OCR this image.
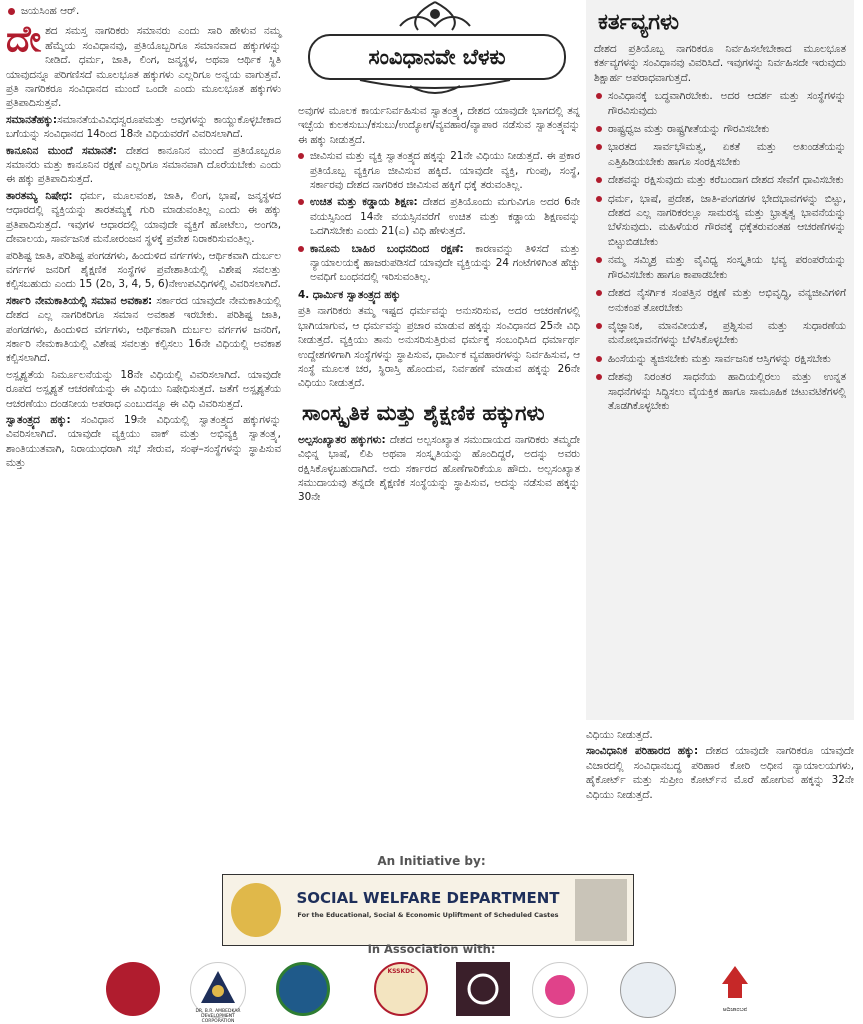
ಜಯಸಿಂಹ ಆರ್.

ದೇಶದ ಸಮಸ್ತ ನಾಗರಿಕರು ಸಮಾನರು ಎಂದು ಸಾರಿ ಹೇಳುವ ನಮ್ಮ ಹೆಮ್ಮೆಯ ಸಂವಿಧಾನವು, ಪ್ರತಿಯೊಬ್ಬರಿಗೂ ಸಮಾನವಾದ ಹಕ್ಕುಗಳನ್ನು ನೀಡಿದೆ. ಧರ್ಮ, ಜಾತಿ, ಲಿಂಗ, ಜನ್ಮಸ್ಥಳ, ಅಥವಾ ಆರ್ಥಿಕ ಸ್ಥಿತಿ ಯಾವುದನ್ನೂ ಪರಿಗಣಿಸದೆ ಮೂಲಭೂತ ಹಕ್ಕುಗಳು ಎಲ್ಲರಿಗೂ ಅನ್ವಯ ವಾಗುತ್ತವೆ. ಪ್ರತಿ ನಾಗರಿಕರೂ ಸಂವಿಧಾನದ ಮುಂದೆ ಒಂದೇ ಎಂದು ಮೂಲಭೂತ ಹಕ್ಕುಗಳು ಪ್ರತಿಪಾದಿಸುತ್ತವೆ.

ಸಮಾನತೆಹಕ್ಕು:ಸಮಾನತೆಯವಿವಿಧಸ್ವರೂಪಮತ್ತು ಅವುಗಳನ್ನು ಕಾಯ್ದುಕೊಳ್ಳಬೇಕಾದ ಬಗೆಯನ್ನು ಸಂವಿಧಾನದ 14ರಿಂದ 18ನೇ ವಿಧಿಯವರೆಗೆ ವಿವರಿಸಲಾಗಿದೆ.

ಕಾನೂನಿನ ಮುಂದೆ ಸಮಾನತೆ: ದೇಶದ ಕಾನೂನಿನ ಮುಂದೆ ಪ್ರತಿಯೊಬ್ಬರೂ ಸಮಾನರು ಮತ್ತು ಕಾನೂನಿನ ರಕ್ಷಣೆ ಎಲ್ಲರಿಗೂ ಸಮಾನವಾಗಿ ದೊರೆಯಬೇಕು ಎಂದು ಈ ಹಕ್ಕು ಪ್ರತಿಪಾದಿಸುತ್ತದೆ.

ತಾರತಮ್ಯ ನಿಷೇಧ: ಧರ್ಮ, ಮೂಲವಂಶ, ಜಾತಿ, ಲಿಂಗ, ಭಾಷೆ, ಜನ್ಮಸ್ಥಳದ ಆಧಾರದಲ್ಲಿ ವ್ಯಕ್ತಿಯನ್ನು ತಾರತಮ್ಯಕ್ಕೆ ಗುರಿ ಮಾಡುವಂತಿಲ್ಲ ಎಂದು ಈ ಹಕ್ಕು ಪ್ರತಿಪಾದಿಸುತ್ತದೆ. ಇವುಗಳ ಆಧಾರದಲ್ಲಿ ಯಾವುದೇ ವ್ಯಕ್ತಿಗೆ ಹೋಟೆಲು, ಅಂಗಡಿ, ದೇವಾಲಯ, ಸಾರ್ವಜನಿಕ ಮನೋರಂಜನ ಸ್ಥಳಕ್ಕೆ ಪ್ರವೇಶ ನಿರಾಕರಿಸುವಂತಿಲ್ಲ.

ಪರಿಶಿಷ್ಟ ಜಾತಿ, ಪರಿಶಿಷ್ಟ ಪಂಗಡಗಳು, ಹಿಂದುಳಿದ ವರ್ಗಗಳು, ಆರ್ಥಿಕವಾಗಿ ದುರ್ಬಲ ವರ್ಗಗಳ ಜನರಿಗೆ ಶೈಕ್ಷಣಿಕ ಸಂಸ್ಥೆಗಳ ಪ್ರವೇಶಾತಿಯಲ್ಲಿ ವಿಶೇಷ ಸವಲತ್ತು ಕಲ್ಪಿಸಬಹುದು ಎಂದು 15 (2ರಿ, 3, 4, 5, 6)ನೇಉಪವಿಧಿಗಳಲ್ಲಿ ವಿವರಿಸಲಾಗಿದೆ.

ಸರ್ಕಾರಿ ನೇಮಕಾತಿಯಲ್ಲಿ ಸಮಾನ ಅವಕಾಶ: ಸರ್ಕಾರದ ಯಾವುದೇ ನೇಮಕಾತಿಯಲ್ಲಿ ದೇಶದ ಎಲ್ಲ ನಾಗರಿಕರಿಗೂ ಸಮಾನ ಅವಕಾಶ ಇರಬೇಕು. ಪರಿಶಿಷ್ಟ ಜಾತಿ, ಪಂಗಡಗಳು, ಹಿಂದುಳಿದ ವರ್ಗಗಳು, ಆರ್ಥಿಕವಾಗಿ ದುರ್ಬಲ ವರ್ಗಗಳ ಜನರಿಗೆ, ಸರ್ಕಾರಿ ನೇಮಕಾತಿಯಲ್ಲಿ ವಿಶೇಷ ಸವಲತ್ತು ಕಲ್ಪಿಸಲು 16ನೇ ವಿಧಿಯಲ್ಲಿ ಅವಕಾಶ ಕಲ್ಪಿಸಲಾಗಿದೆ.

ಅಸ್ಪೃಶ್ಯತೆಯ ನಿರ್ಮೂಲನೆಯನ್ನು 18ನೇ ವಿಧಿಯಲ್ಲಿ ವಿವರಿಸಲಾಗಿದೆ. ಯಾವುದೇ ರೂಪದ ಅಸ್ಪೃಶ್ಯತೆ ಆಚರಣೆಯನ್ನು ಈ ವಿಧಿಯು ನಿಷೇಧಿಸುತ್ತದೆ. ಜತೆಗೆ ಅಸ್ಪೃಶ್ಯತೆಯ ಆಚರಣೆಯು ದಂಡನೀಯ ಅಪರಾಧ ಎಂಬುದನ್ನೂ ಈ ವಿಧಿ ವಿವರಿಸುತ್ತದೆ.

ಸ್ವಾತಂತ್ರ್ಯದ ಹಕ್ಕು: ಸಂವಿಧಾನ 19ನೇ ವಿಧಿಯಲ್ಲಿ ಸ್ವಾತಂತ್ರ್ಯದ ಹಕ್ಕುಗಳನ್ನು ವಿವರಿಸಲಾಗಿದೆ. ಯಾವುದೇ ವ್ಯಕ್ತಿಯು ವಾಕ್ ಮತ್ತು ಅಭಿವ್ಯಕ್ತಿ ಸ್ವಾತಂತ್ರ್ಯ, ಶಾಂತಿಯುತವಾಗಿ, ನಿರಾಯುಧರಾಗಿ ಸಭೆ ಸೇರುವ, ಸಂಘ–ಸಂಸ್ಥೆಗಳನ್ನು ಸ್ಥಾಪಿಸುವ ಮತ್ತು

ಸಂವಿಧಾನವೇ ಬೆಳಕು

ಅವುಗಳ ಮೂಲಕ ಕಾರ್ಯನಿರ್ವಹಿಸುವ ಸ್ವಾತಂತ್ರ್ಯ, ದೇಶದ ಯಾವುದೇ ಭಾಗದಲ್ಲಿ ತನ್ನ ಇಚ್ಛೆಯ ಕುಲಕಸುಬು/ಕಸುಬು/ಉದ್ಯೋಗ/ವ್ಯವಹಾರ/ವ್ಯಾಪಾರ ನಡೆಸುವ ಸ್ವಾತಂತ್ರ್ಯವನ್ನು ಈ ಹಕ್ಕು ನೀಡುತ್ತದೆ.

ಜೀವಿಸುವ ಮತ್ತು ವ್ಯಕ್ತಿ ಸ್ವಾತಂತ್ರ್ಯದ ಹಕ್ಕನ್ನು 21ನೇ ವಿಧಿಯು ನೀಡುತ್ತದೆ. ಈ ಪ್ರಕಾರ ಪ್ರತಿಯೊಬ್ಬ ವ್ಯಕ್ತಿಗೂ ಜೀವಿಸುವ ಹಕ್ಕಿದೆ. ಯಾವುದೇ ವ್ಯಕ್ತಿ, ಗುಂಪು, ಸಂಸ್ಥೆ, ಸರ್ಕಾರವು ದೇಶದ ನಾಗರಿಕರ ಜೀವಿಸುವ ಹಕ್ಕಿಗೆ ಧಕ್ಕೆ ತರುವಂತಿಲ್ಲ.
ಉಚಿತ ಮತ್ತು ಕಡ್ಡಾಯ ಶಿಕ್ಷಣ: ದೇಶದ ಪ್ರತಿಯೊಂದು ಮಗುವಿಗೂ ಅದರ 6ನೇ ವಯಸ್ಸಿನಿಂದ 14ನೇ ವಯಸ್ಸಿನವರೆಗೆ ಉಚಿತ ಮತ್ತು ಕಡ್ಡಾಯ ಶಿಕ್ಷಣವನ್ನು ಒದಗಿಸಬೇಕು ಎಂದು 21(ಎ) ವಿಧಿ ಹೇಳುತ್ತದೆ.
ಕಾನೂನು ಬಾಹಿರ ಬಂಧನದಿಂದ ರಕ್ಷಣೆ: ಕಾರಣವನ್ನು ತಿಳಿಸದೆ ಮತ್ತು ನ್ಯಾಯಾಲಯಕ್ಕೆ ಹಾಜರುಪಡಿಸದೆ ಯಾವುದೇ ವ್ಯಕ್ತಿಯನ್ನು 24 ಗಂಟೆಗಳಿಗಿಂತ ಹೆಚ್ಚು ಅವಧಿಗೆ ಬಂಧನದಲ್ಲಿ ಇರಿಸುವಂತಿಲ್ಲ.

4. ಧಾರ್ಮಿಕ ಸ್ವಾತಂತ್ರ್ಯದ ಹಕ್ಕು

ಪ್ರತಿ ನಾಗರಿಕರು ತಮ್ಮ ಇಷ್ಟದ ಧರ್ಮವನ್ನು ಅನುಸರಿಸುವ, ಅದರ ಆಚರಣೆಗಳಲ್ಲಿ ಭಾಗಿಯಾಗುವ, ಆ ಧರ್ಮವನ್ನು ಪ್ರಚಾರ ಮಾಡುವ ಹಕ್ಕನ್ನು ಸಂವಿಧಾನದ 25ನೇ ವಿಧಿ ನೀಡುತ್ತದೆ. ವ್ಯಕ್ತಿಯು ತಾನು ಅನುಸರಿಸುತ್ತಿರುವ ಧರ್ಮಕ್ಕೆ ಸಂಬಂಧಿಸಿದ ಧರ್ಮಾರ್ಥ ಉದ್ದೇಶಗಳಿಗಾಗಿ ಸಂಸ್ಥೆಗಳನ್ನು ಸ್ಥಾಪಿಸುವ, ಧಾರ್ಮಿಕ ವ್ಯವಹಾರಗಳನ್ನು ನಿರ್ವಹಿಸುವ, ಆ ಸಂಸ್ಥೆ ಮೂಲಕ ಚರ, ಸ್ಥಿರಾಸ್ತಿ ಹೊಂದುವ, ನಿರ್ವಹಣೆ ಮಾಡುವ ಹಕ್ಕನ್ನು 26ನೇ ವಿಧಿಯು ನೀಡುತ್ತದೆ.

ಸಾಂಸ್ಕೃತಿಕ ಮತ್ತು ಶೈಕ್ಷಣಿಕ ಹಕ್ಕುಗಳು

ಅಲ್ಪಸಂಖ್ಯಾತರ ಹಕ್ಕುಗಳು: ದೇಶದ ಅಲ್ಪಸಂಖ್ಯಾತ ಸಮುದಾಯದ ನಾಗರಿಕರು ತಮ್ಮದೇ ವಿಭಿನ್ನ ಭಾಷೆ, ಲಿಪಿ ಅಥವಾ ಸಂಸ್ಕೃತಿಯನ್ನು ಹೊಂದಿದ್ದರೆ, ಅದನ್ನು ಅವರು ರಕ್ಷಿಸಿಕೊಳ್ಳಬಹುದಾಗಿದೆ. ಅದು ಸರ್ಕಾರದ ಹೊಣೆಗಾರಿಕೆಯೂ ಹೌದು. ಅಲ್ಪಸಂಖ್ಯಾತ ಸಮುದಾಯವು ತನ್ನದೇ ಶೈಕ್ಷಣಿಕ ಸಂಸ್ಥೆಯನ್ನು ಸ್ಥಾಪಿಸುವ, ಅದನ್ನು ನಡೆಸುವ ಹಕ್ಕನ್ನು 30ನೇ

ಕರ್ತವ್ಯಗಳು

ದೇಶದ ಪ್ರತಿಯೊಬ್ಬ ನಾಗರಿಕರೂ ನಿರ್ವಹಿಸಲೇಬೇಕಾದ ಮೂಲಭೂತ ಕರ್ತವ್ಯಗಳನ್ನು ಸಂವಿಧಾನವು ವಿವರಿಸಿದೆ. ಇವುಗಳನ್ನು ನಿರ್ವಹಿಸದೇ ಇರುವುದು ಶಿಕ್ಷಾರ್ಹ ಅಪರಾಧವಾಗುತ್ತದೆ.

ಸಂವಿಧಾನಕ್ಕೆ ಬದ್ಧವಾಗಿರಬೇಕು. ಅದರ ಆದರ್ಶ ಮತ್ತು ಸಂಸ್ಥೆಗಳನ್ನು ಗೌರವಿಸುವುದು
ರಾಷ್ಟ್ರಧ್ವಜ ಮತ್ತು ರಾಷ್ಟ್ರಗೀತೆಯನ್ನು ಗೌರವಿಸಬೇಕು
ಭಾರತದ ಸಾರ್ವಭೌಮತ್ವ, ಏಕತೆ ಮತ್ತು ಅಖಂಡತೆಯನ್ನು ಎತ್ತಿಹಿಡಿಯಬೇಕು ಹಾಗೂ ಸಂರಕ್ಷಿಸಬೇಕು
ದೇಶವನ್ನು ರಕ್ಷಿಸುವುದು ಮತ್ತು ಕರೆಬಂದಾಗ ದೇಶದ ಸೇವೆಗೆ ಧಾವಿಸಬೇಕು
ಧರ್ಮ, ಭಾಷೆ, ಪ್ರದೇಶ, ಜಾತಿ-ಪಂಗಡಗಳ ಭೇದಭಾವಗಳನ್ನು ಬಿಟ್ಟು, ದೇಶದ ಎಲ್ಲ ನಾಗರಿಕರಲ್ಲೂ ಸಾಮರಸ್ಯ ಮತ್ತು ಭ್ರಾತೃತ್ವ ಭಾವನೆಯನ್ನು ಬೆಳೆಸುವುದು. ಮಹಿಳೆಯರ ಗೌರವಕ್ಕೆ ಧಕ್ಕೆತರುವಂತಹ ಆಚರಣೆಗಳನ್ನು ಬಿಟ್ಟುಬಿಡಬೇಕು
ನಮ್ಮ ಸಮ್ಮಿಶ್ರ ಮತ್ತು ವೈವಿಧ್ಯ ಸಂಸ್ಕೃತಿಯ ಭವ್ಯ ಪರಂಪರೆಯನ್ನು ಗೌರವಿಸಬೇಕು ಹಾಗೂ ಕಾಪಾಡಬೇಕು
ದೇಶದ ನೈಸರ್ಗಿಕ ಸಂಪತ್ತಿನ ರಕ್ಷಣೆ ಮತ್ತು ಅಭಿವೃದ್ಧಿ, ವನ್ಯಜೀವಿಗಳಿಗೆ ಅನುಕಂಪ ತೋರಬೇಕು
ವೈಜ್ಞಾನಿಕ, ಮಾನವೀಯತೆ, ಪ್ರಶ್ನಿಸುವ ಮತ್ತು ಸುಧಾರಣೆಯ ಮನೋಭಾವನೆಗಳನ್ನು ಬೆಳೆಸಿಕೊಳ್ಳಬೇಕು
ಹಿಂಸೆಯನ್ನು ತ್ಯಜಿಸಬೇಕು ಮತ್ತು ಸಾರ್ವಜನಿಕ ಆಸ್ತಿಗಳನ್ನು ರಕ್ಷಿಸಬೇಕು
ದೇಶವು ನಿರಂತರ ಸಾಧನೆಯ ಹಾದಿಯಲ್ಲಿರಲು ಮತ್ತು ಉನ್ನತ ಸಾಧನೆಗಳನ್ನು ಸಿದ್ಧಿಸಲು ವೈಯಕ್ತಿಕ ಹಾಗೂ ಸಾಮೂಹಿಕ ಚಟುವಟಿಕೆಗಳಲ್ಲಿ ತೊಡಗಿಕೊಳ್ಳಬೇಕು

ವಿಧಿಯು ನೀಡುತ್ತದೆ.

ಸಾಂವಿಧಾನಿಕ ಪರಿಹಾರದ ಹಕ್ಕು: ದೇಶದ ಯಾವುದೇ ನಾಗರಿಕರೂ ಯಾವುದೇ ವಿಚಾರದಲ್ಲಿ ಸಂವಿಧಾನಬದ್ಧ ಪರಿಹಾರ ಕೋರಿ ಅಧೀನ ನ್ಯಾಯಾಲಯಗಳು, ಹೈಕೋರ್ಟ್ ಮತ್ತು ಸುಪ್ರೀಂ ಕೋರ್ಟ್‌ನ ಮೊರೆ ಹೋಗುವ ಹಕ್ಕನ್ನು 32ನೇ ವಿಧಿಯು ನೀಡುತ್ತದೆ.

An Initiative by:
SOCIAL WELFARE DEPARTMENT
For the Educational, Social & Economic Upliftment of Scheduled Castes
In Association with:
DR. B.R. AMBEDKAR DEVELOPMENT CORPORATION
KSSKDC
ಆದಿಜಾಂಬವ
